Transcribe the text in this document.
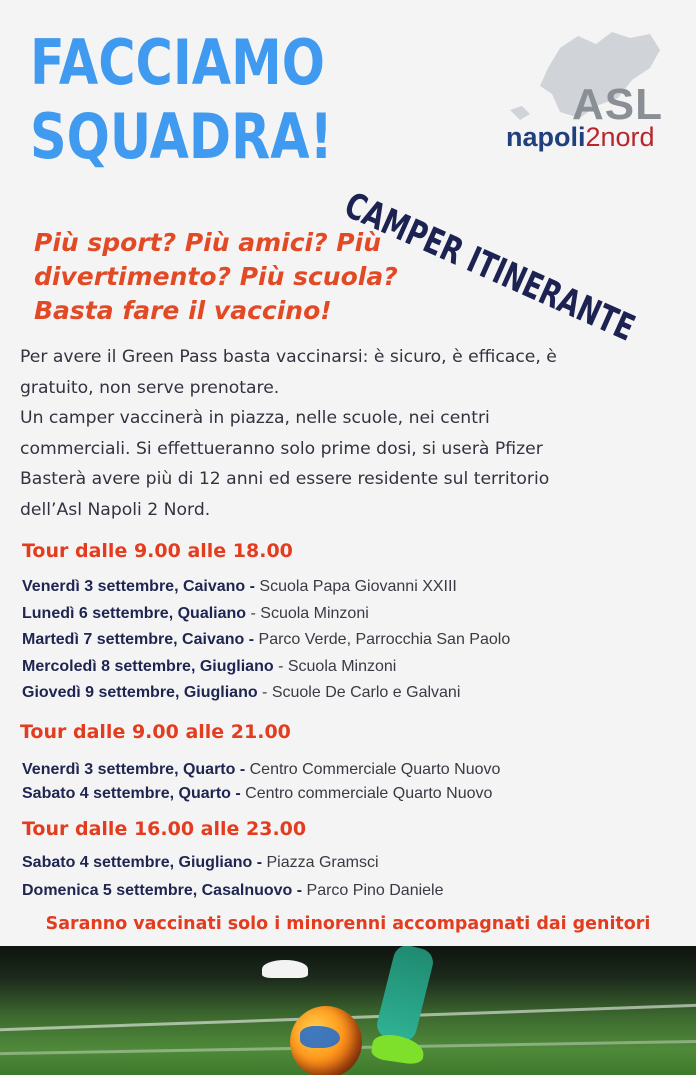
FACCIAMO
SQUADRA!	ASL
napoli2nord
CAMPER ITINERANTE
Più sport? Più amici? Più
divertimento? Più scuola?
Basta fare il vaccino!

Per avere il Green Pass basta vaccinarsi: è sicuro, è efficace, è

gratuito, non serve prenotare.

Un camper vaccinerà in piazza, nelle scuole, nei centri

commerciali. Si effettueranno solo prime dosi, si userà Pfizer

Basterà avere più di 12 anni ed essere residente sul territorio

dell’Asl Napoli 2 Nord.

Tour dalle 9.00 alle 18.00
Venerdì 3 settembre, Caivano - Scuola Papa Giovanni XXIII
Lunedì 6 settembre, Qualiano - Scuola Minzoni
Martedì 7 settembre, Caivano - Parco Verde, Parrocchia San Paolo
Mercoledì 8 settembre, Giugliano - Scuola Minzoni
Giovedì 9 settembre, Giugliano - Scuole De Carlo e Galvani
Tour dalle 9.00 alle 21.00
Venerdì 3 settembre, Quarto - Centro Commerciale Quarto Nuovo
Sabato 4 settembre, Quarto - Centro commerciale Quarto Nuovo
Tour dalle 16.00 alle 23.00
Sabato 4 settembre, Giugliano - Piazza Gramsci
Domenica 5 settembre, Casalnuovo - Parco Pino Daniele
Saranno vaccinati solo i minorenni accompagnati dai genitori
